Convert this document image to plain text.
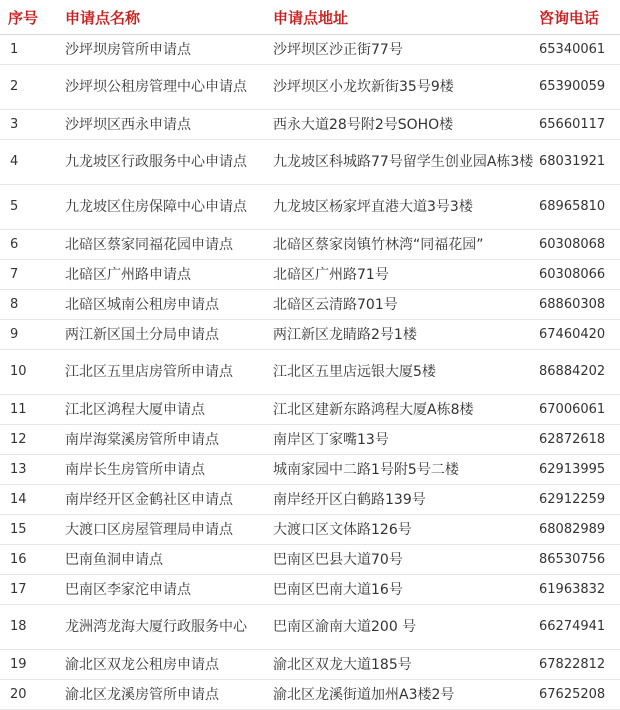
序号	申请点名称	申请点地址	咨询电话
1	沙坪坝房管所申请点	沙坪坝区沙正街77号	65340061
2	沙坪坝公租房管理中心申请点	沙坪坝区小龙坎新街35号9楼	65390059
3	沙坪坝区西永申请点	西永大道28号附2号SOHO楼	65660117
4	九龙坡区行政服务中心申请点	九龙坡区科城路77号留学生创业园A栋3楼	68031921
5	九龙坡区住房保障中心申请点	九龙坡区杨家坪直港大道3号3楼	68965810
6	北碚区蔡家同福花园申请点	北碚区蔡家岗镇竹林湾“同福花园”	60308068
7	北碚区广州路申请点	北碚区广州路71号	60308066
8	北碚区城南公租房申请点	北碚区云清路701号	68860308
9	两江新区国土分局申请点	两江新区龙睛路2号1楼	67460420
10	江北区五里店房管所申请点	江北区五里店远银大厦5楼	86884202
11	江北区鸿程大厦申请点	江北区建新东路鸿程大厦A栋8楼	67006061
12	南岸海棠溪房管所申请点	南岸区丁家嘴13号	62872618
13	南岸长生房管所申请点	城南家园中二路1号附5号二楼	62913995
14	南岸经开区金鹤社区申请点	南岸经开区白鹤路139号	62912259
15	大渡口区房屋管理局申请点	大渡口区文体路126号	68082989
16	巴南鱼洞申请点	巴南区巴县大道70号	86530756
17	巴南区李家沱申请点	巴南区巴南大道16号	61963832
18	龙洲湾龙海大厦行政服务中心	巴南区渝南大道200 号	66274941
19	渝北区双龙公租房申请点	渝北区双龙大道185号	67822812
20	渝北区龙溪房管所申请点	渝北区龙溪街道加州A3楼2号	67625208
